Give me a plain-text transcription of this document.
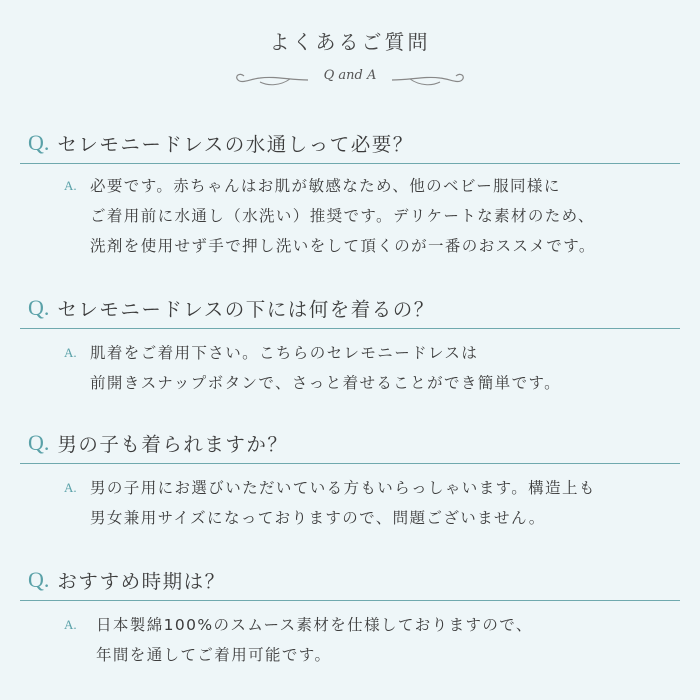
よくあるご質問
Q and A
Q. セレモニードレスの水通しって必要？
A. 必要です。赤ちゃんはお肌が敏感なため、他のベビー服同様に
ご着用前に水通し（水洗い）推奨です。デリケートな素材のため、
洗剤を使用せず手で押し洗いをして頂くのが一番のおススメです。
Q. セレモニードレスの下には何を着るの？
A. 肌着をご着用下さい。こちらのセレモニードレスは
前開きスナップボタンで、さっと着せることができ簡単です。
Q. 男の子も着られますか？
A. 男の子用にお選びいただいている方もいらっしゃいます。構造上も
男女兼用サイズになっておりますので、問題ございません。
Q. おすすめ時期は？
A. 日本製綿100%のスムース素材を仕様しておりますので、
年間を通してご着用可能です。
